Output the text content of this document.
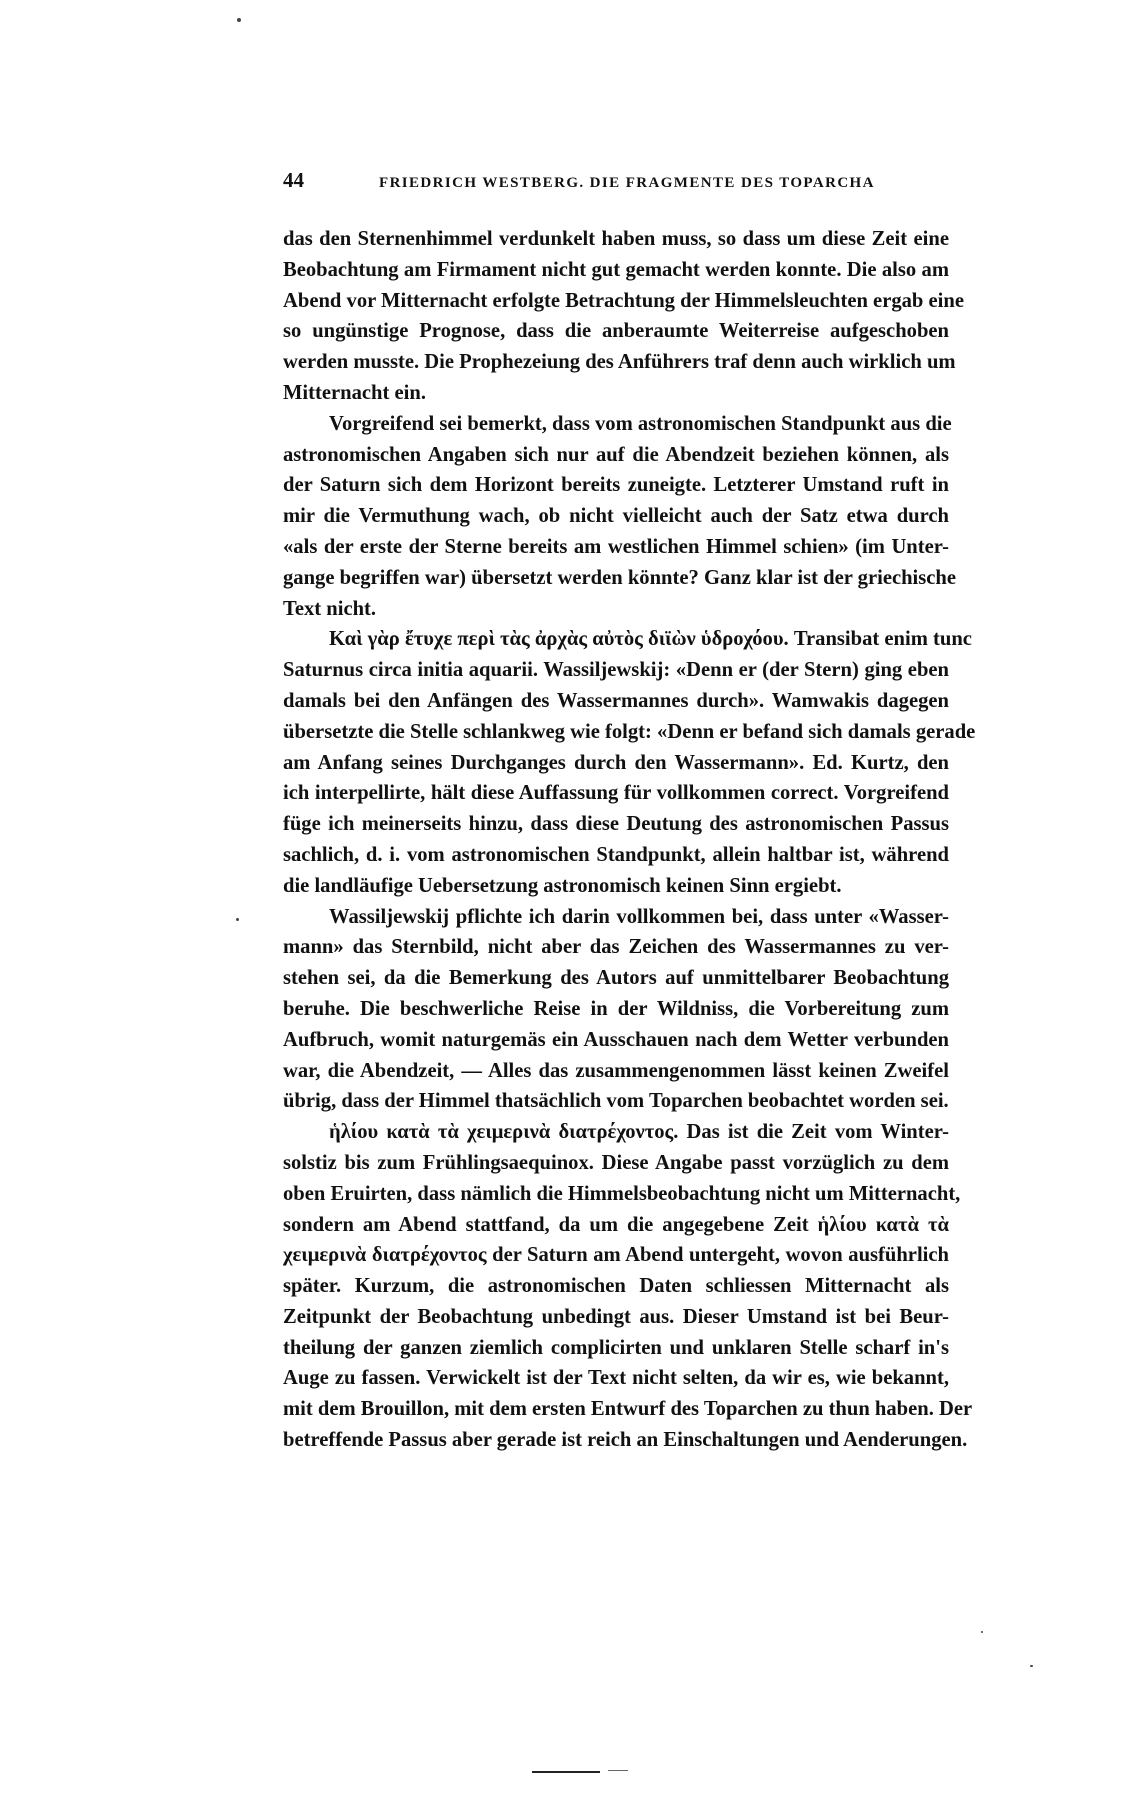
44	FRIEDRICH WESTBERG. DIE FRAGMENTE DES TOPARCHA
das den Sternenhimmel verdunkelt haben muss, so dass um diese Zeit eine
Beobachtung am Firmament nicht gut gemacht werden konnte. Die also am
Abend vor Mitternacht erfolgte Betrachtung der Himmelsleuchten ergab eine
so ungünstige Prognose, dass die anberaumte Weiterreise aufgeschoben
werden musste. Die Prophezeiung des Anführers traf denn auch wirklich um
Mitternacht ein.
Vorgreifend sei bemerkt, dass vom astronomischen Standpunkt aus die
astronomischen Angaben sich nur auf die Abendzeit beziehen können, als
der Saturn sich dem Horizont bereits zuneigte. Letzterer Umstand ruft in
mir die Vermuthung wach, ob nicht vielleicht auch der Satz etwa durch
«als der erste der Sterne bereits am westlichen Himmel schien» (im Unter-
gange begriffen war) übersetzt werden könnte? Ganz klar ist der griechische
Text nicht.
Καὶ γὰρ ἔτυχε περὶ τὰς ἀρχὰς αὐτὸς διϊὼν ὑδροχόου. Transibat enim tunc
Saturnus circa initia aquarii. Wassiljewskij: «Denn er (der Stern) ging eben
damals bei den Anfängen des Wassermannes durch». Wamwakis dagegen
übersetzte die Stelle schlankweg wie folgt: «Denn er befand sich damals gerade
am Anfang seines Durchganges durch den Wassermann». Ed. Kurtz, den
ich interpellirte, hält diese Auffassung für vollkommen correct. Vorgreifend
füge ich meinerseits hinzu, dass diese Deutung des astronomischen Passus
sachlich, d. i. vom astronomischen Standpunkt, allein haltbar ist, während
die landläufige Uebersetzung astronomisch keinen Sinn ergiebt.
Wassiljewskij pflichte ich darin vollkommen bei, dass unter «Wasser-
mann» das Sternbild, nicht aber das Zeichen des Wassermannes zu ver-
stehen sei, da die Bemerkung des Autors auf unmittelbarer Beobachtung
beruhe. Die beschwerliche Reise in der Wildniss, die Vorbereitung zum
Aufbruch, womit naturgemäs ein Ausschauen nach dem Wetter verbunden
war, die Abendzeit, — Alles das zusammengenommen lässt keinen Zweifel
übrig, dass der Himmel thatsächlich vom Toparchen beobachtet worden sei.
ἡλίου κατὰ τὰ χειμερινὰ διατρέχοντος. Das ist die Zeit vom Winter-
solstiz bis zum Frühlingsaequinox. Diese Angabe passt vorzüglich zu dem
oben Eruirten, dass nämlich die Himmelsbeobachtung nicht um Mitternacht,
sondern am Abend stattfand, da um die angegebene Zeit ἡλίου κατὰ τὰ
χειμερινὰ διατρέχοντος der Saturn am Abend untergeht, wovon ausführlich
später. Kurzum, die astronomischen Daten schliessen Mitternacht als
Zeitpunkt der Beobachtung unbedingt aus. Dieser Umstand ist bei Beur-
theilung der ganzen ziemlich complicirten und unklaren Stelle scharf in's
Auge zu fassen. Verwickelt ist der Text nicht selten, da wir es, wie bekannt,
mit dem Brouillon, mit dem ersten Entwurf des Toparchen zu thun haben. Der
betreffende Passus aber gerade ist reich an Einschaltungen und Aenderungen.
